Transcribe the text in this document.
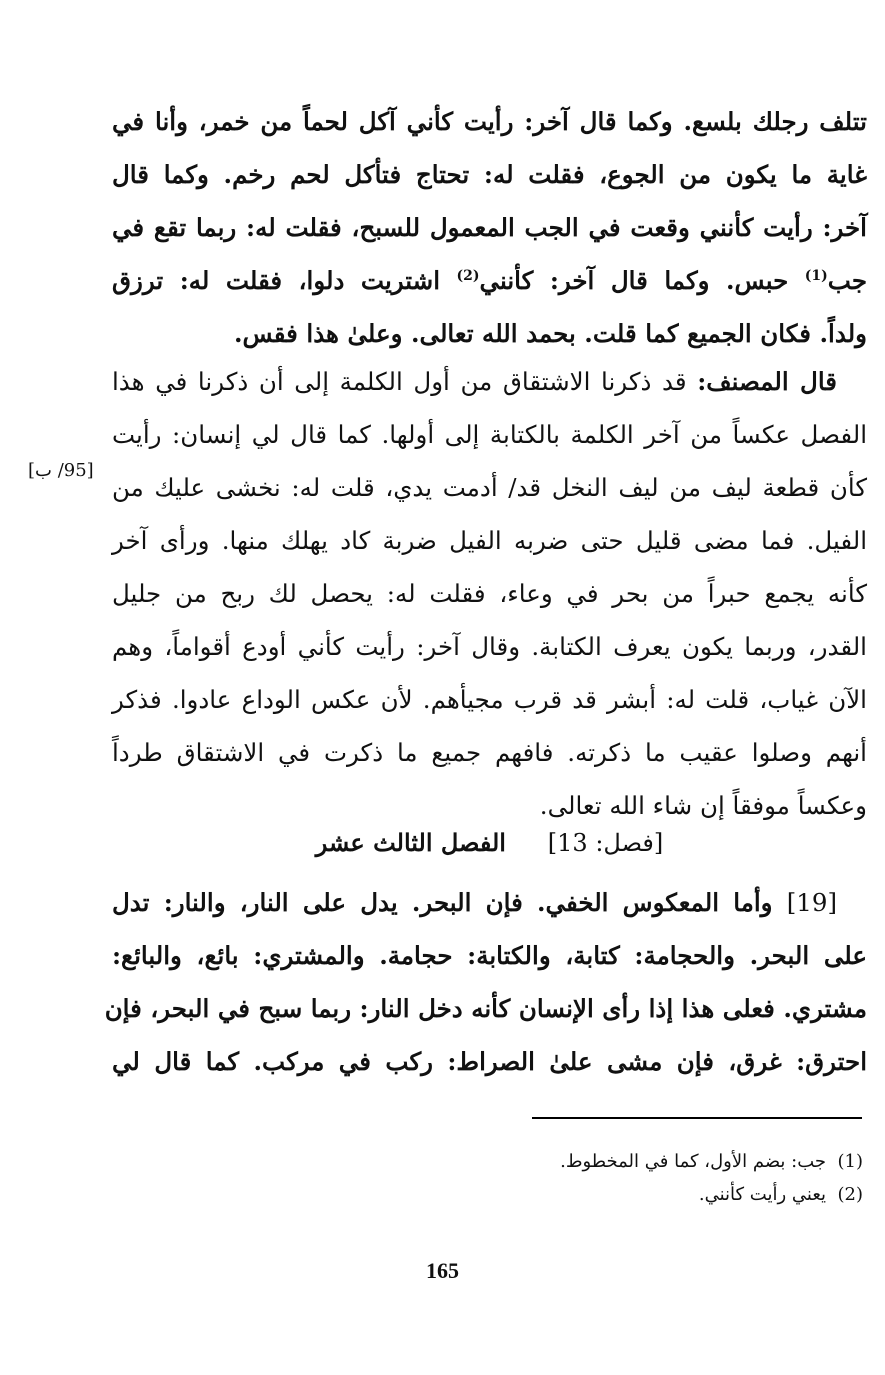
تتلف رجلك بلسع. وكما قال آخر: رأيت كأني آكل لحماً من خمر، وأنا في
غاية ما يكون من الجوع، فقلت له: تحتاج فتأكل لحم رخم. وكما قال
آخر: رأيت كأنني وقعت في الجب المعمول للسبح، فقلت له: ربما تقع في
جب$^{(1)}$ حبس. وكما قال آخر: كأنني$^{(2)}$ اشتريت دلوا، فقلت له: ترزق
ولداً. فكان الجميع كما قلت. بحمد الله تعالى. وعلىٰ هذا فقس.
قال المصنف: قد ذكرنا الاشتقاق من أول الكلمة إلى أن ذكرنا في هذا
الفصل عكساً من آخر الكلمة بالكتابة إلى أولها. كما قال لي إنسان: رأيت
كأن قطعة ليف من ليف النخل قد/ أدمت يدي، قلت له: نخشى عليك من
الفيل. فما مضى قليل حتى ضربه الفيل ضربة كاد يهلك منها. ورأى آخر
كأنه يجمع حبراً من بحر في وعاء، فقلت له: يحصل لك ربح من جليل
القدر، وربما يكون يعرف الكتابة. وقال آخر: رأيت كأني أودع أقواماً، وهم
الآن غياب، قلت له: أبشر قد قرب مجيأهم. لأن عكس الوداع عادوا. فذكر
أنهم وصلوا عقيب ما ذكرته. فافهم جميع ما ذكرت في الاشتقاق طرداً
وعكساً موفقاً إن شاء الله تعالى.
[95/ ب]
[فصل: 13]     الفصل الثالث عشر
[19] وأما المعكوس الخفي. فإن البحر. يدل على النار، والنار: تدل
على البحر. والحجامة: كتابة، والكتابة: حجامة. والمشتري: بائع، والبائع:
مشتري. فعلى هذا إذا رأى الإنسان كأنه دخل النار: ربما سبح في البحر، فإن
احترق: غرق، فإن مشى علىٰ الصراط: ركب في مركب. كما قال لي
(1)  جب: بضم الأول، كما في المخطوط.
(2)  يعني رأيت كأنني.
165
